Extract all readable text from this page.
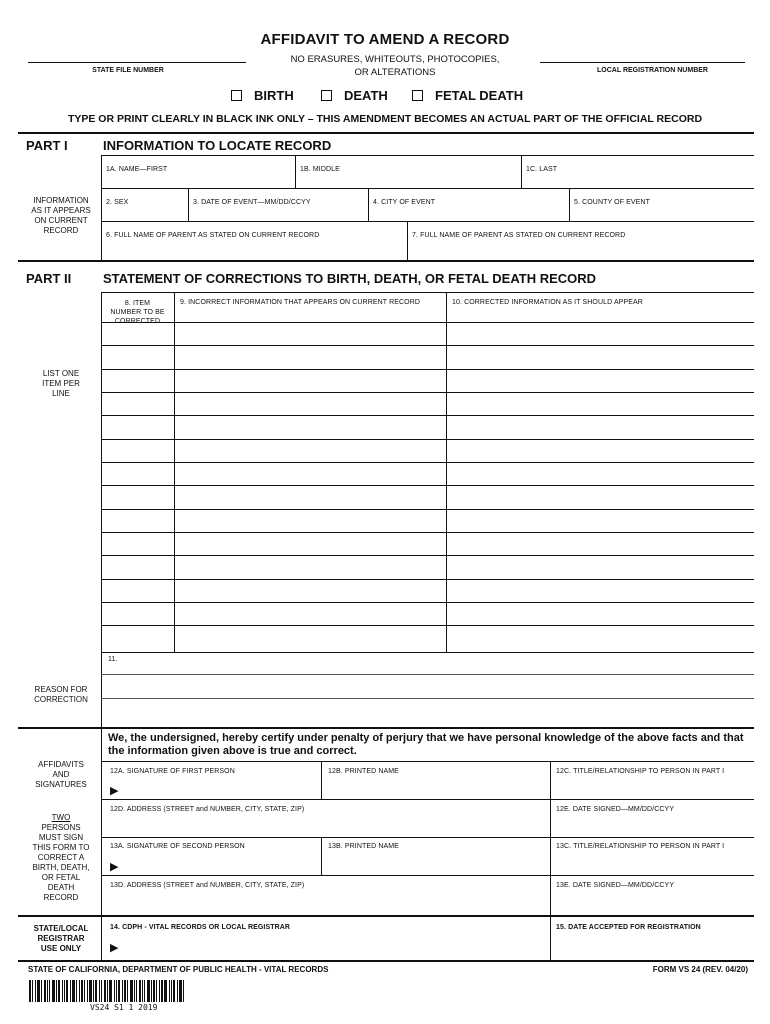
AFFIDAVIT TO AMEND A RECORD
NO ERASURES, WHITEOUTS, PHOTOCOPIES,
OR ALTERATIONS
STATE FILE NUMBER	LOCAL REGISTRATION NUMBER
BIRTH	DEATH	FETAL DEATH
TYPE OR PRINT CLEARLY IN BLACK INK ONLY – THIS AMENDMENT BECOMES AN ACTUAL PART OF THE OFFICIAL RECORD
PART I	INFORMATION TO LOCATE RECORD
1A. NAME—FIRST	1B. MIDDLE	1C. LAST
INFORMATION
AS IT APPEARS
ON CURRENT
RECORD
2. SEX	3. DATE OF EVENT—MM/DD/CCYY	4. CITY OF EVENT	5. COUNTY OF EVENT
6. FULL NAME OF PARENT AS STATED ON CURRENT RECORD	7. FULL NAME OF PARENT AS STATED ON CURRENT RECORD
PART II STATEMENT OF CORRECTIONS TO BIRTH, DEATH, OR FETAL DEATH RECORD
8. ITEM
NUMBER TO BE
CORRECTED
9. INCORRECT INFORMATION THAT APPEARS ON CURRENT RECORD	10. CORRECTED INFORMATION AS IT SHOULD APPEAR
LIST ONE
ITEM PER
LINE
11.
REASON FOR
CORRECTION
We, the undersigned, hereby certify under penalty of perjury that we have personal knowledge of the above facts and that the information given above is true and correct.
AFFIDAVITS
AND
SIGNATURES
TWO
PERSONS
MUST SIGN
THIS FORM TO
CORRECT A
BIRTH, DEATH,
OR FETAL
DEATH
RECORD
12A. SIGNATURE OF FIRST PERSON
▶
12B. PRINTED NAME	12C. TITLE/RELATIONSHIP TO PERSON IN PART I
12D. ADDRESS (STREET and NUMBER, CITY, STATE, ZIP)	12E. DATE SIGNED—MM/DD/CCYY
13A. SIGNATURE OF SECOND PERSON
▶
13B. PRINTED NAME	13C. TITLE/RELATIONSHIP TO PERSON IN PART I
13D. ADDRESS (STREET and NUMBER, CITY, STATE, ZIP)	13E. DATE SIGNED—MM/DD/CCYY
STATE/LOCAL
REGISTRAR
USE ONLY
14. CDPH - VITAL RECORDS OR LOCAL REGISTRAR
▶
15. DATE ACCEPTED FOR REGISTRATION
STATE OF CALIFORNIA, DEPARTMENT OF PUBLIC HEALTH - VITAL RECORDS	FORM VS 24 (REV. 04/20)
VS24 S1 1 2019
